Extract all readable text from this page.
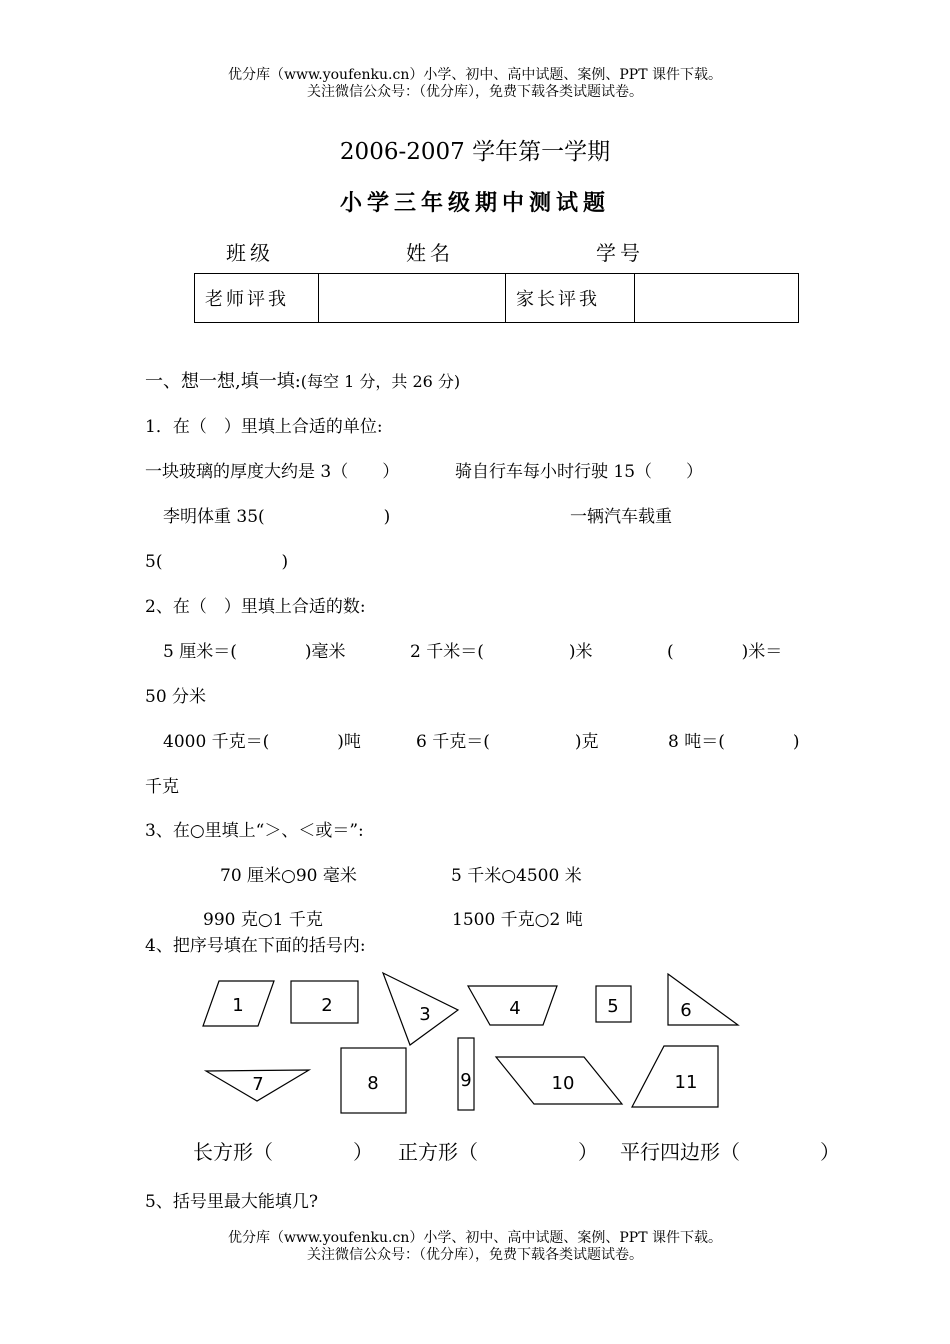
优分库（www.youfenku.cn）小学、初中、高中试题、案例、PPT 课件下载。
关注微信公众号：（优分库），免费下载各类试题试卷。
2006-2007 学年第一学期
小学三年级期中测试题
班级	姓名	学号
老师评我		家长评我	
一、想一想,填一填:(每空 1 分，共 26 分)
1．在（　）里填上合适的单位:
一块玻璃的厚度大约是 3（　　）	骑自行车每小时行驶 15（　　）
李明体重 35(　　　　　　　)	一辆汽车载重
5(　　　　　　　)
2、在（　）里填上合适的数:
5 厘米＝(　　　　)毫米	2 千米＝(　　　　　)米	(　　　　)米＝
50 分米
4000 千克＝(　　　　)吨	6 千克＝(　　　　　)克	8 吨＝(　　　　)
千克
3、在○里填上“＞、＜或＝”:
70 厘米○90 毫米	5 千米○4500 米
990 克○1 千克	1500 千克○2 吨
4、把序号填在下面的括号内:
1	2	3	4	5	6
7	8	9	10	11
长方形（　　　　） 正方形（　　　　　） 平行四边形（　　　　）
5、括号里最大能填几?
优分库（www.youfenku.cn）小学、初中、高中试题、案例、PPT 课件下载。
关注微信公众号：（优分库），免费下载各类试题试卷。
